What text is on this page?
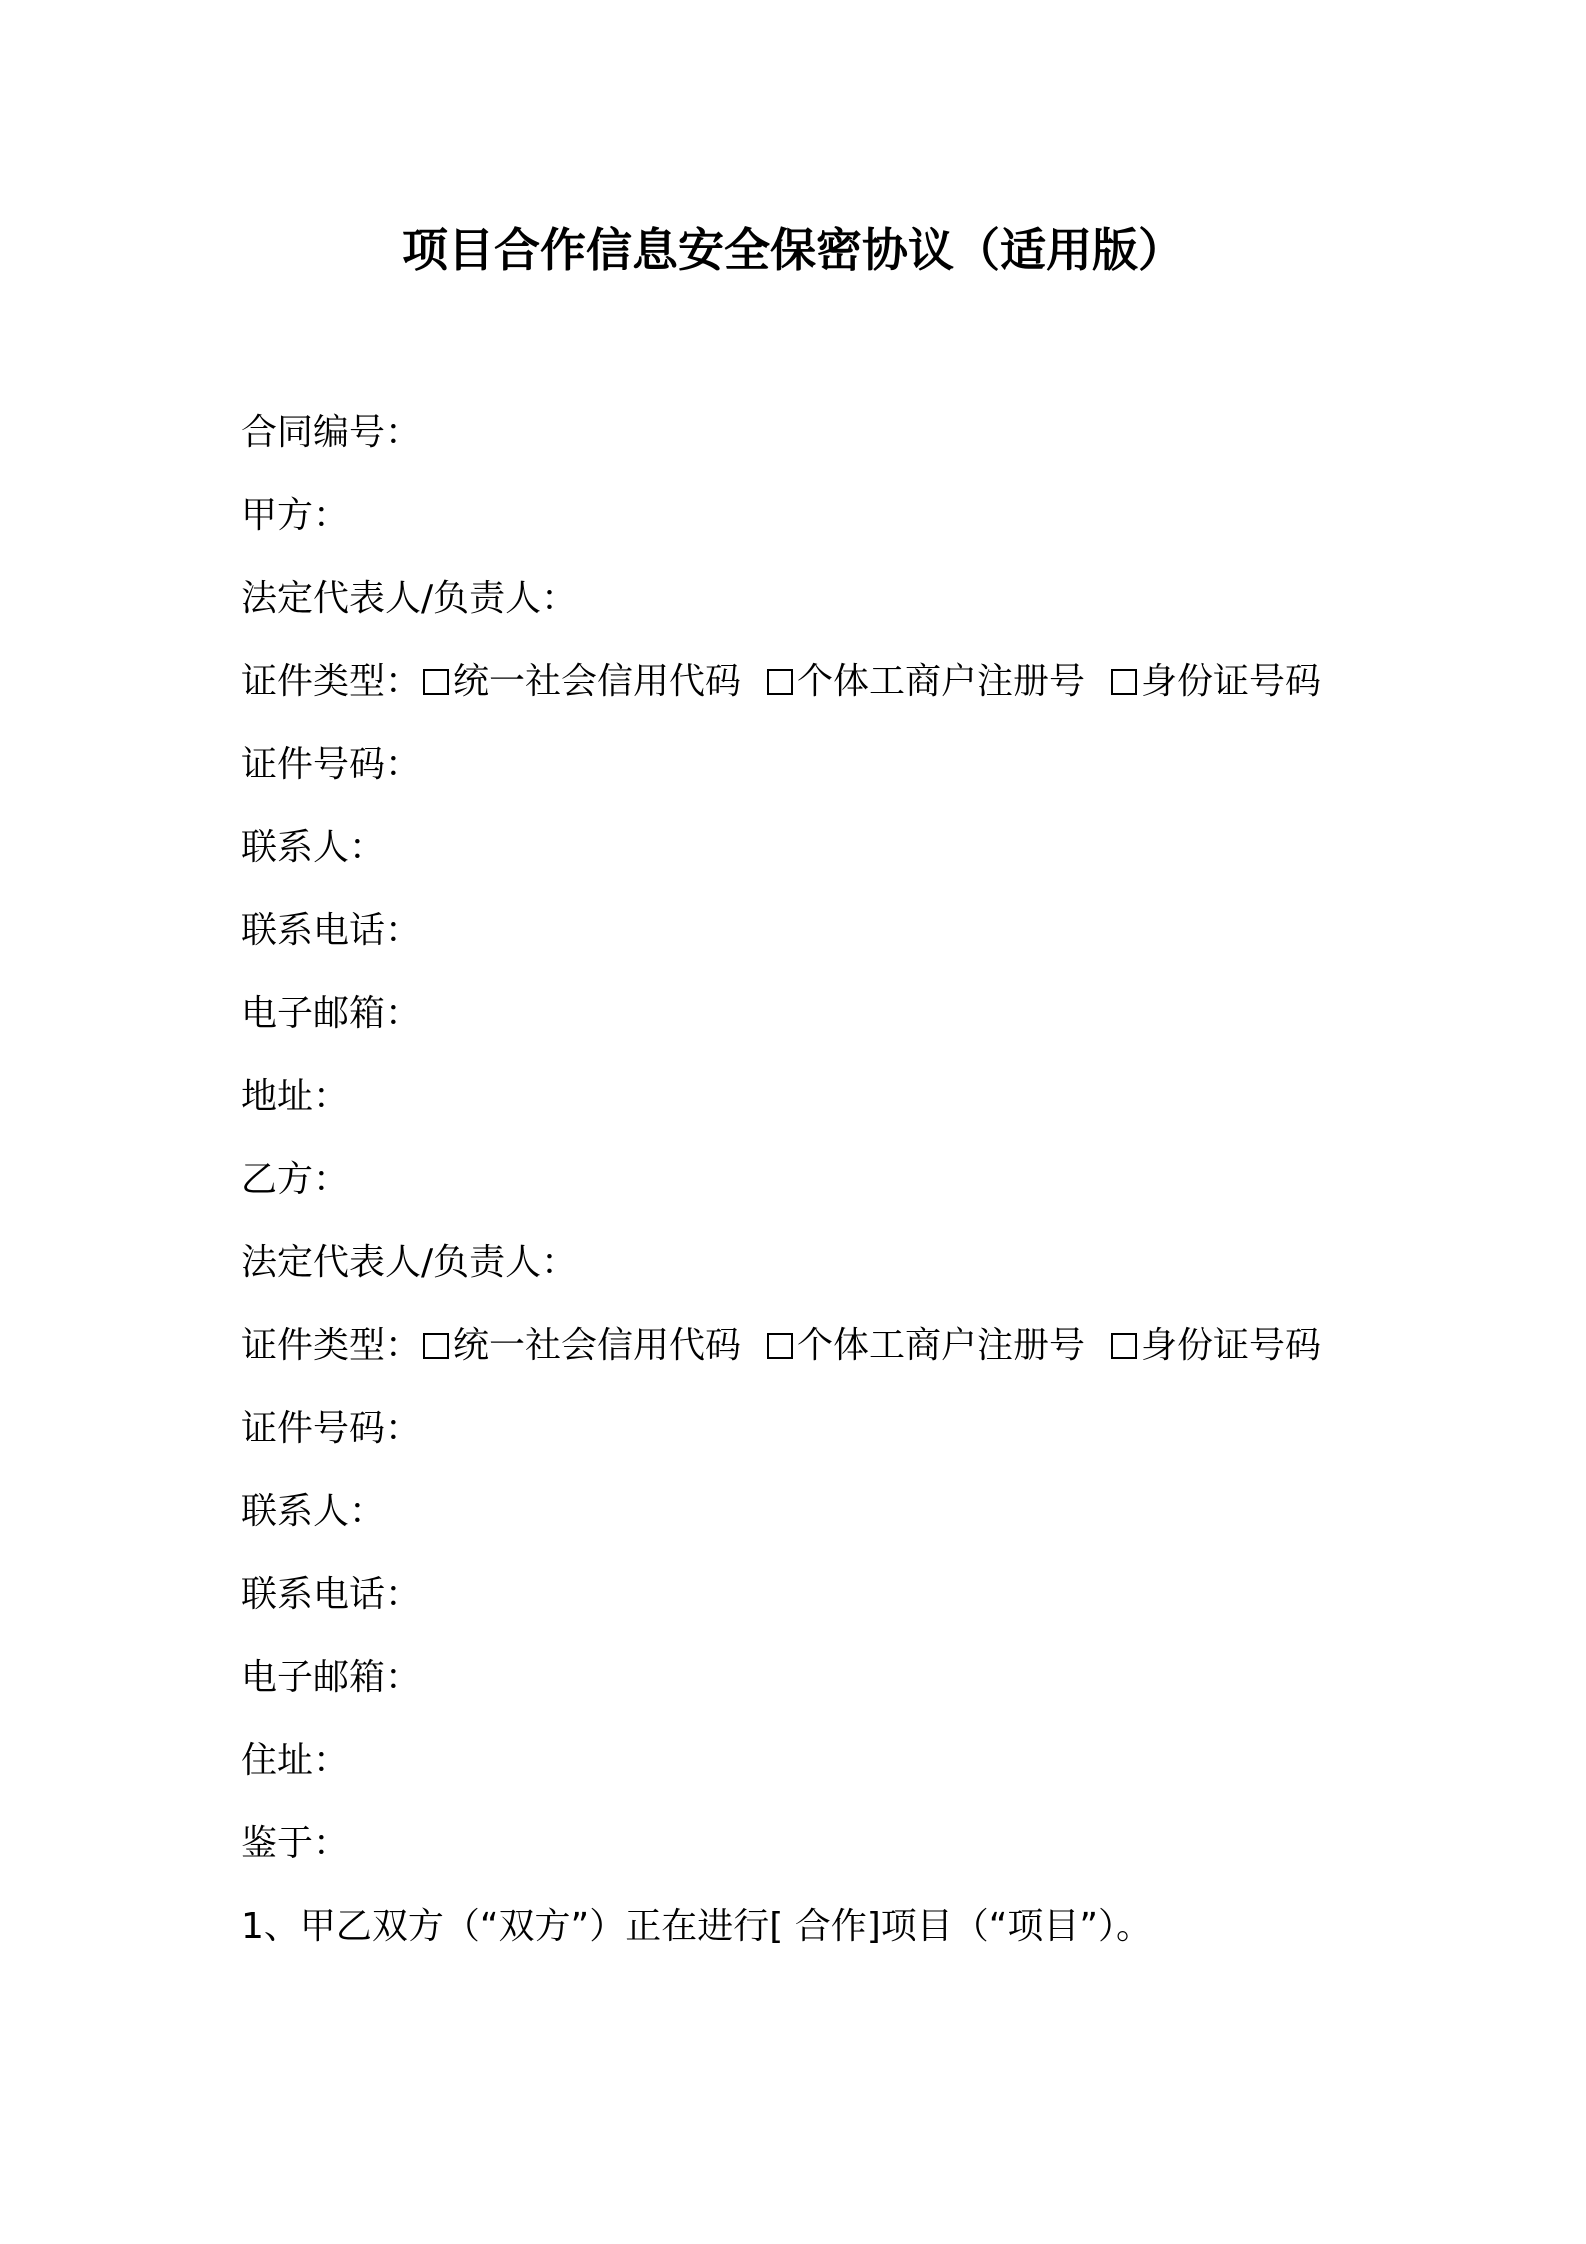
项目合作信息安全保密协议（适用版）
合同编号：
甲方：
法定代表人/负责人：
证件类型： 统一社会信用代码 个体工商户注册号 身份证号码
证件号码：
联系人：
联系电话：
电子邮箱：
地址：
乙方：
法定代表人/负责人：
证件类型： 统一社会信用代码 个体工商户注册号 身份证号码
证件号码：
联系人：
联系电话：
电子邮箱：
住址：
鉴于：
1、甲乙双方（“双方”）正在进行[ 合作]项目（“项目”）。
